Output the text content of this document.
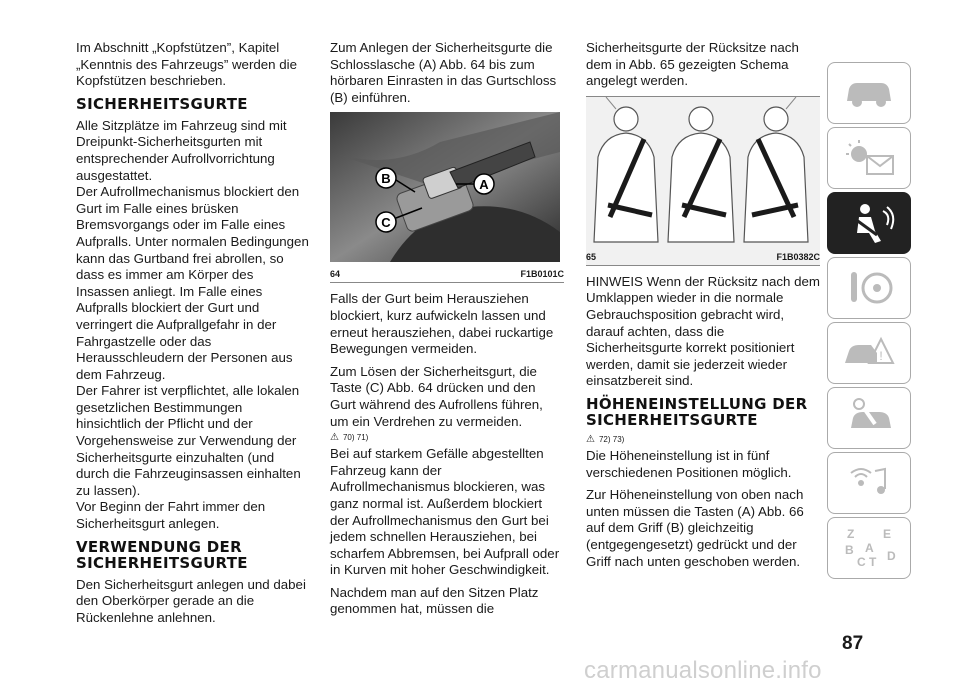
Im Abschnitt „Kopfstützen”, Kapitel „Kenntnis des Fahrzeugs” werden die Kopfstützen beschrieben.

SICHERHEITSGURTE

Alle Sitzplätze im Fahrzeug sind mit Dreipunkt-Sicherheitsgurten mit entsprechender Aufrollvorrichtung ausgestattet.

Der Aufrollmechanismus blockiert den Gurt im Falle eines brüsken Bremsvorgangs oder im Falle eines Aufpralls. Unter normalen Bedingungen kann das Gurtband frei abrollen, so dass es immer am Körper des Insassen anliegt. Im Falle eines Aufpralls blockiert der Gurt und verringert die Aufprallgefahr in der Fahrgastzelle oder das Herausschleudern der Personen aus dem Fahrzeug.

Der Fahrer ist verpflichtet, alle lokalen gesetzlichen Bestimmungen hinsichtlich der Pflicht und der Vorgehensweise zur Verwendung der Sicherheitsgurte einzuhalten (und durch die Fahrzeuginsassen einhalten zu lassen).

Vor Beginn der Fahrt immer den Sicherheitsgurt anlegen.

VERWENDUNG DER SICHERHEITSGURTE

Den Sicherheitsgurt anlegen und dabei den Oberkörper gerade an die Rückenlehne anlehnen.

Zum Anlegen der Sicherheitsgurte die Schlosslasche (A) Abb. 64 bis zum hörbaren Einrasten in das Gurtschloss (B) einführen.

B	A
C
64	F1B0101C

Falls der Gurt beim Herausziehen blockiert, kurz aufwickeln lassen und erneut herausziehen, dabei ruckartige Bewegungen vermeiden.

Zum Lösen der Sicherheitsgurt, die Taste (C) Abb. 64 drücken und den Gurt während des Aufrollens führen, um ein Verdrehen zu vermeiden.

⚠ 70) 71)

Bei auf starkem Gefälle abgestellten Fahrzeug kann der Aufrollmechanismus blockieren, was ganz normal ist. Außerdem blockiert der Aufrollmechanismus den Gurt bei jedem schnellen Herausziehen, bei scharfem Abbremsen, bei Aufprall oder in Kurven mit hoher Geschwindigkeit.

Nachdem man auf den Sitzen Platz genommen hat, müssen die

Sicherheitsgurte der Rücksitze nach dem in Abb. 65 gezeigten Schema angelegt werden.

65	F1B0382C

HINWEIS Wenn der Rücksitz nach dem Umklappen wieder in die normale Gebrauchsposition gebracht wird, darauf achten, dass die Sicherheitsgurte korrekt positioniert werden, damit sie jederzeit wieder einsatzbereit sind.

HÖHENEINSTELLUNG DER SICHERHEITSGURTE
⚠ 72) 73)

Die Höheneinstellung ist in fünf verschiedenen Positionen möglich.

Zur Höheneinstellung von oben nach unten müssen die Tasten (A) Abb. 66 auf dem Griff (B) gleichzeitig (entgegengesetzt) gedrückt und der Griff nach unten geschoben werden.

!
Z E
B A
C T D
87
carmanualsonline.info
